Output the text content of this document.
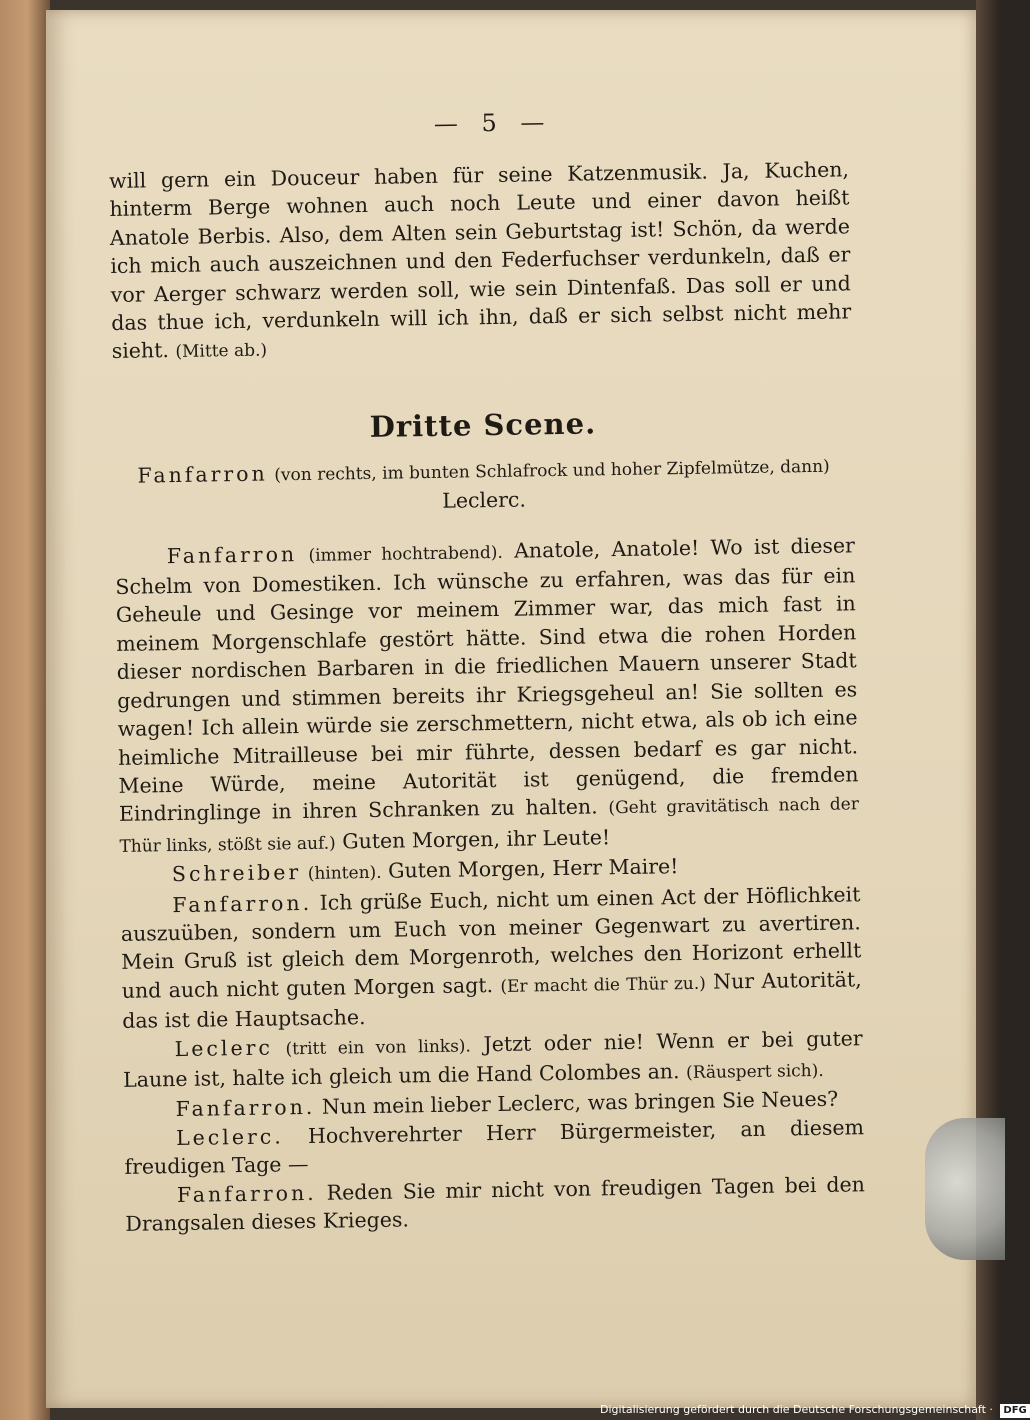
— 5 —

will gern ein Douceur haben für seine Katzenmusik. Ja, Kuchen, hinterm Berge wohnen auch noch Leute und einer davon heißt Anatole Berbis. Also, dem Alten sein Geburtstag ist! Schön, da werde ich mich auch auszeichnen und den Federfuchser verdunkeln, daß er vor Aerger schwarz werden soll, wie sein Dintenfaß. Das soll er und das thue ich, verdunkeln will ich ihn, daß er sich selbst nicht mehr sieht. (Mitte ab.)

Dritte Scene.

Fanfarron (von rechts, im bunten Schlafrock und hoher Zipfelmütze, dann) Leclerc.

Fanfarron (immer hochtrabend). Anatole, Anatole! Wo ist dieser Schelm von Domestiken. Ich wünsche zu erfahren, was das für ein Geheule und Gesinge vor meinem Zimmer war, das mich fast in meinem Morgenschlafe gestört hätte. Sind etwa die rohen Horden dieser nordischen Barbaren in die friedlichen Mauern unserer Stadt gedrungen und stimmen bereits ihr Kriegsgeheul an! Sie sollten es wagen! Ich allein würde sie zerschmettern, nicht etwa, als ob ich eine heimliche Mitrailleuse bei mir führte, dessen bedarf es gar nicht. Meine Würde, meine Autorität ist genügend, die fremden Eindringlinge in ihren Schranken zu halten. (Geht gravitätisch nach der Thür links, stößt sie auf.) Guten Morgen, ihr Leute!

Schreiber (hinten). Guten Morgen, Herr Maire!

Fanfarron. Ich grüße Euch, nicht um einen Act der Höflichkeit auszuüben, sondern um Euch von meiner Gegenwart zu avertiren. Mein Gruß ist gleich dem Morgenroth, welches den Horizont erhellt und auch nicht guten Morgen sagt. (Er macht die Thür zu.) Nur Autorität, das ist die Hauptsache.

Leclerc (tritt ein von links). Jetzt oder nie! Wenn er bei guter Laune ist, halte ich gleich um die Hand Colombes an. (Räuspert sich).

Fanfarron. Nun mein lieber Leclerc, was bringen Sie Neues?

Leclerc. Hochverehrter Herr Bürgermeister, an diesem freudigen Tage —

Fanfarron. Reden Sie mir nicht von freudigen Tagen bei den Drangsalen dieses Krieges.

Digitalisierung gefördert durch die Deutsche Forschungsgemeinschaft · DFG
